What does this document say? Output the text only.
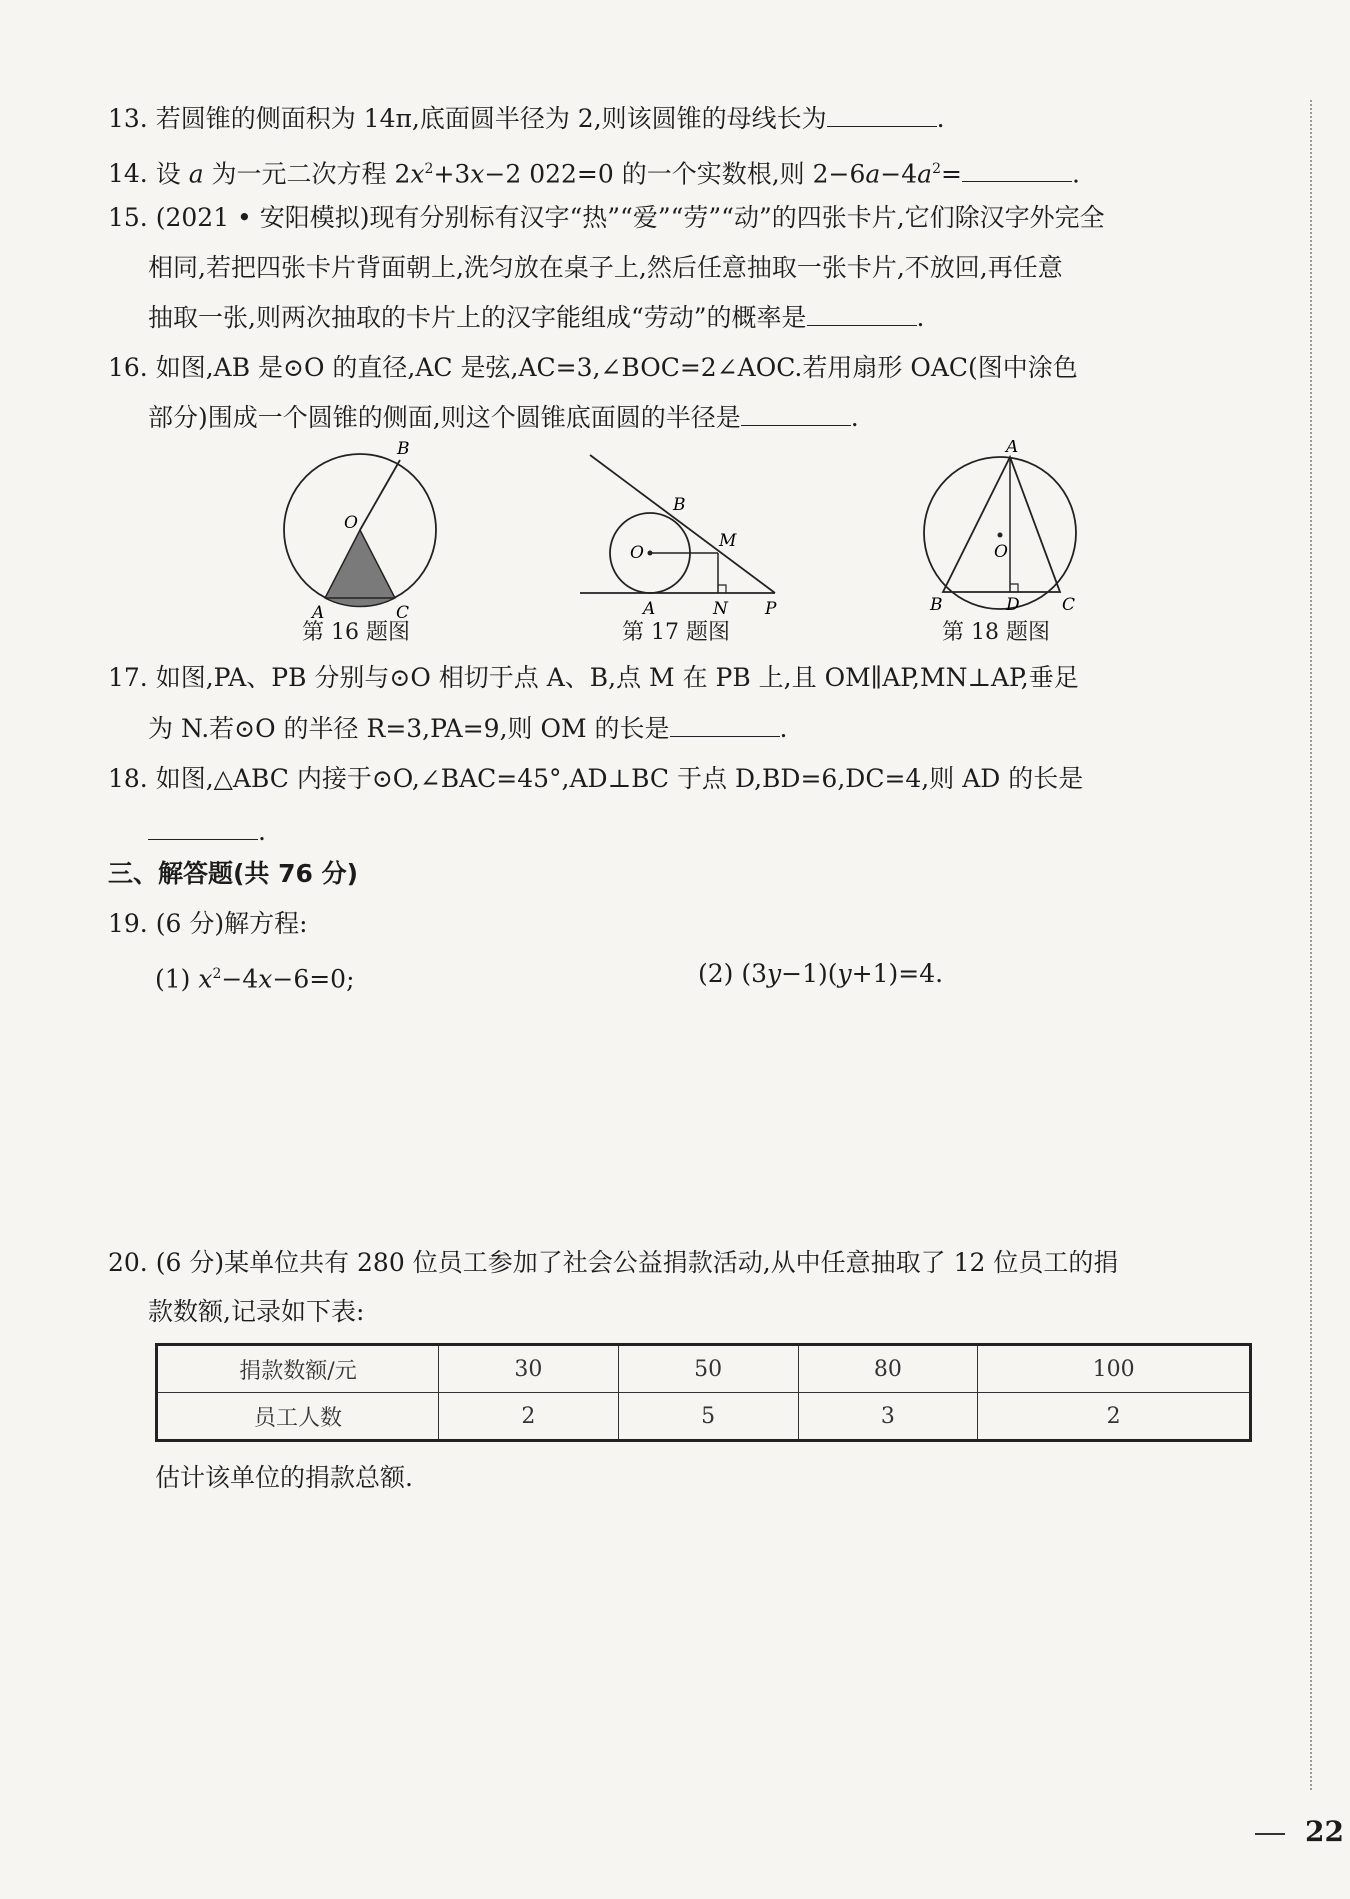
13. 若圆锥的侧面积为 14π,底面圆半径为 2,则该圆锥的母线长为	.
14. 设 a 为一元二次方程 $2x^2+3x-2$ 022=0 的一个实数根,则 $2-6a-4a^2=$	.
15. (2021 • 安阳模拟)现有分别标有汉字“热”“爱”“劳”“动”的四张卡片,它们除汉字外完全
相同,若把四张卡片背面朝上,洗匀放在桌子上,然后任意抽取一张卡片,不放回,再任意
抽取一张,则两次抽取的卡片上的汉字能组成“劳动”的概率是	.
16. 如图,AB 是⊙O 的直径,AC 是弦,AC=3,∠BOC=2∠AOC.若用扇形 OAC(图中涂色
部分)围成一个圆锥的侧面,则这个圆锥底面圆的半径是	.
B
O
A	C
第 16 题图
B
M
O
A	N P
第 17 题图
A
O
B	D C
第 18 题图
17. 如图,PA、PB 分别与⊙O 相切于点 A、B,点 M 在 PB 上,且 OM∥AP,MN⊥AP,垂足
为 N.若⊙O 的半径 R=3,PA=9,则 OM 的长是	.
18. 如图,△ABC 内接于⊙O,∠BAC=45°,AD⊥BC 于点 D,BD=6,DC=4,则 AD 的长是
.
三、解答题(共 76 分)
19. (6 分)解方程:
(1) $x^2-4x-6=0$;	(2) (3y−1)(y+1)=4.
20. (6 分)某单位共有 280 位员工参加了社会公益捐款活动,从中任意抽取了 12 位员工的捐
款数额,记录如下表:
捐款数额/元	30	50	80	100
员工人数	2	5	3	2
估计该单位的捐款总额.
22
